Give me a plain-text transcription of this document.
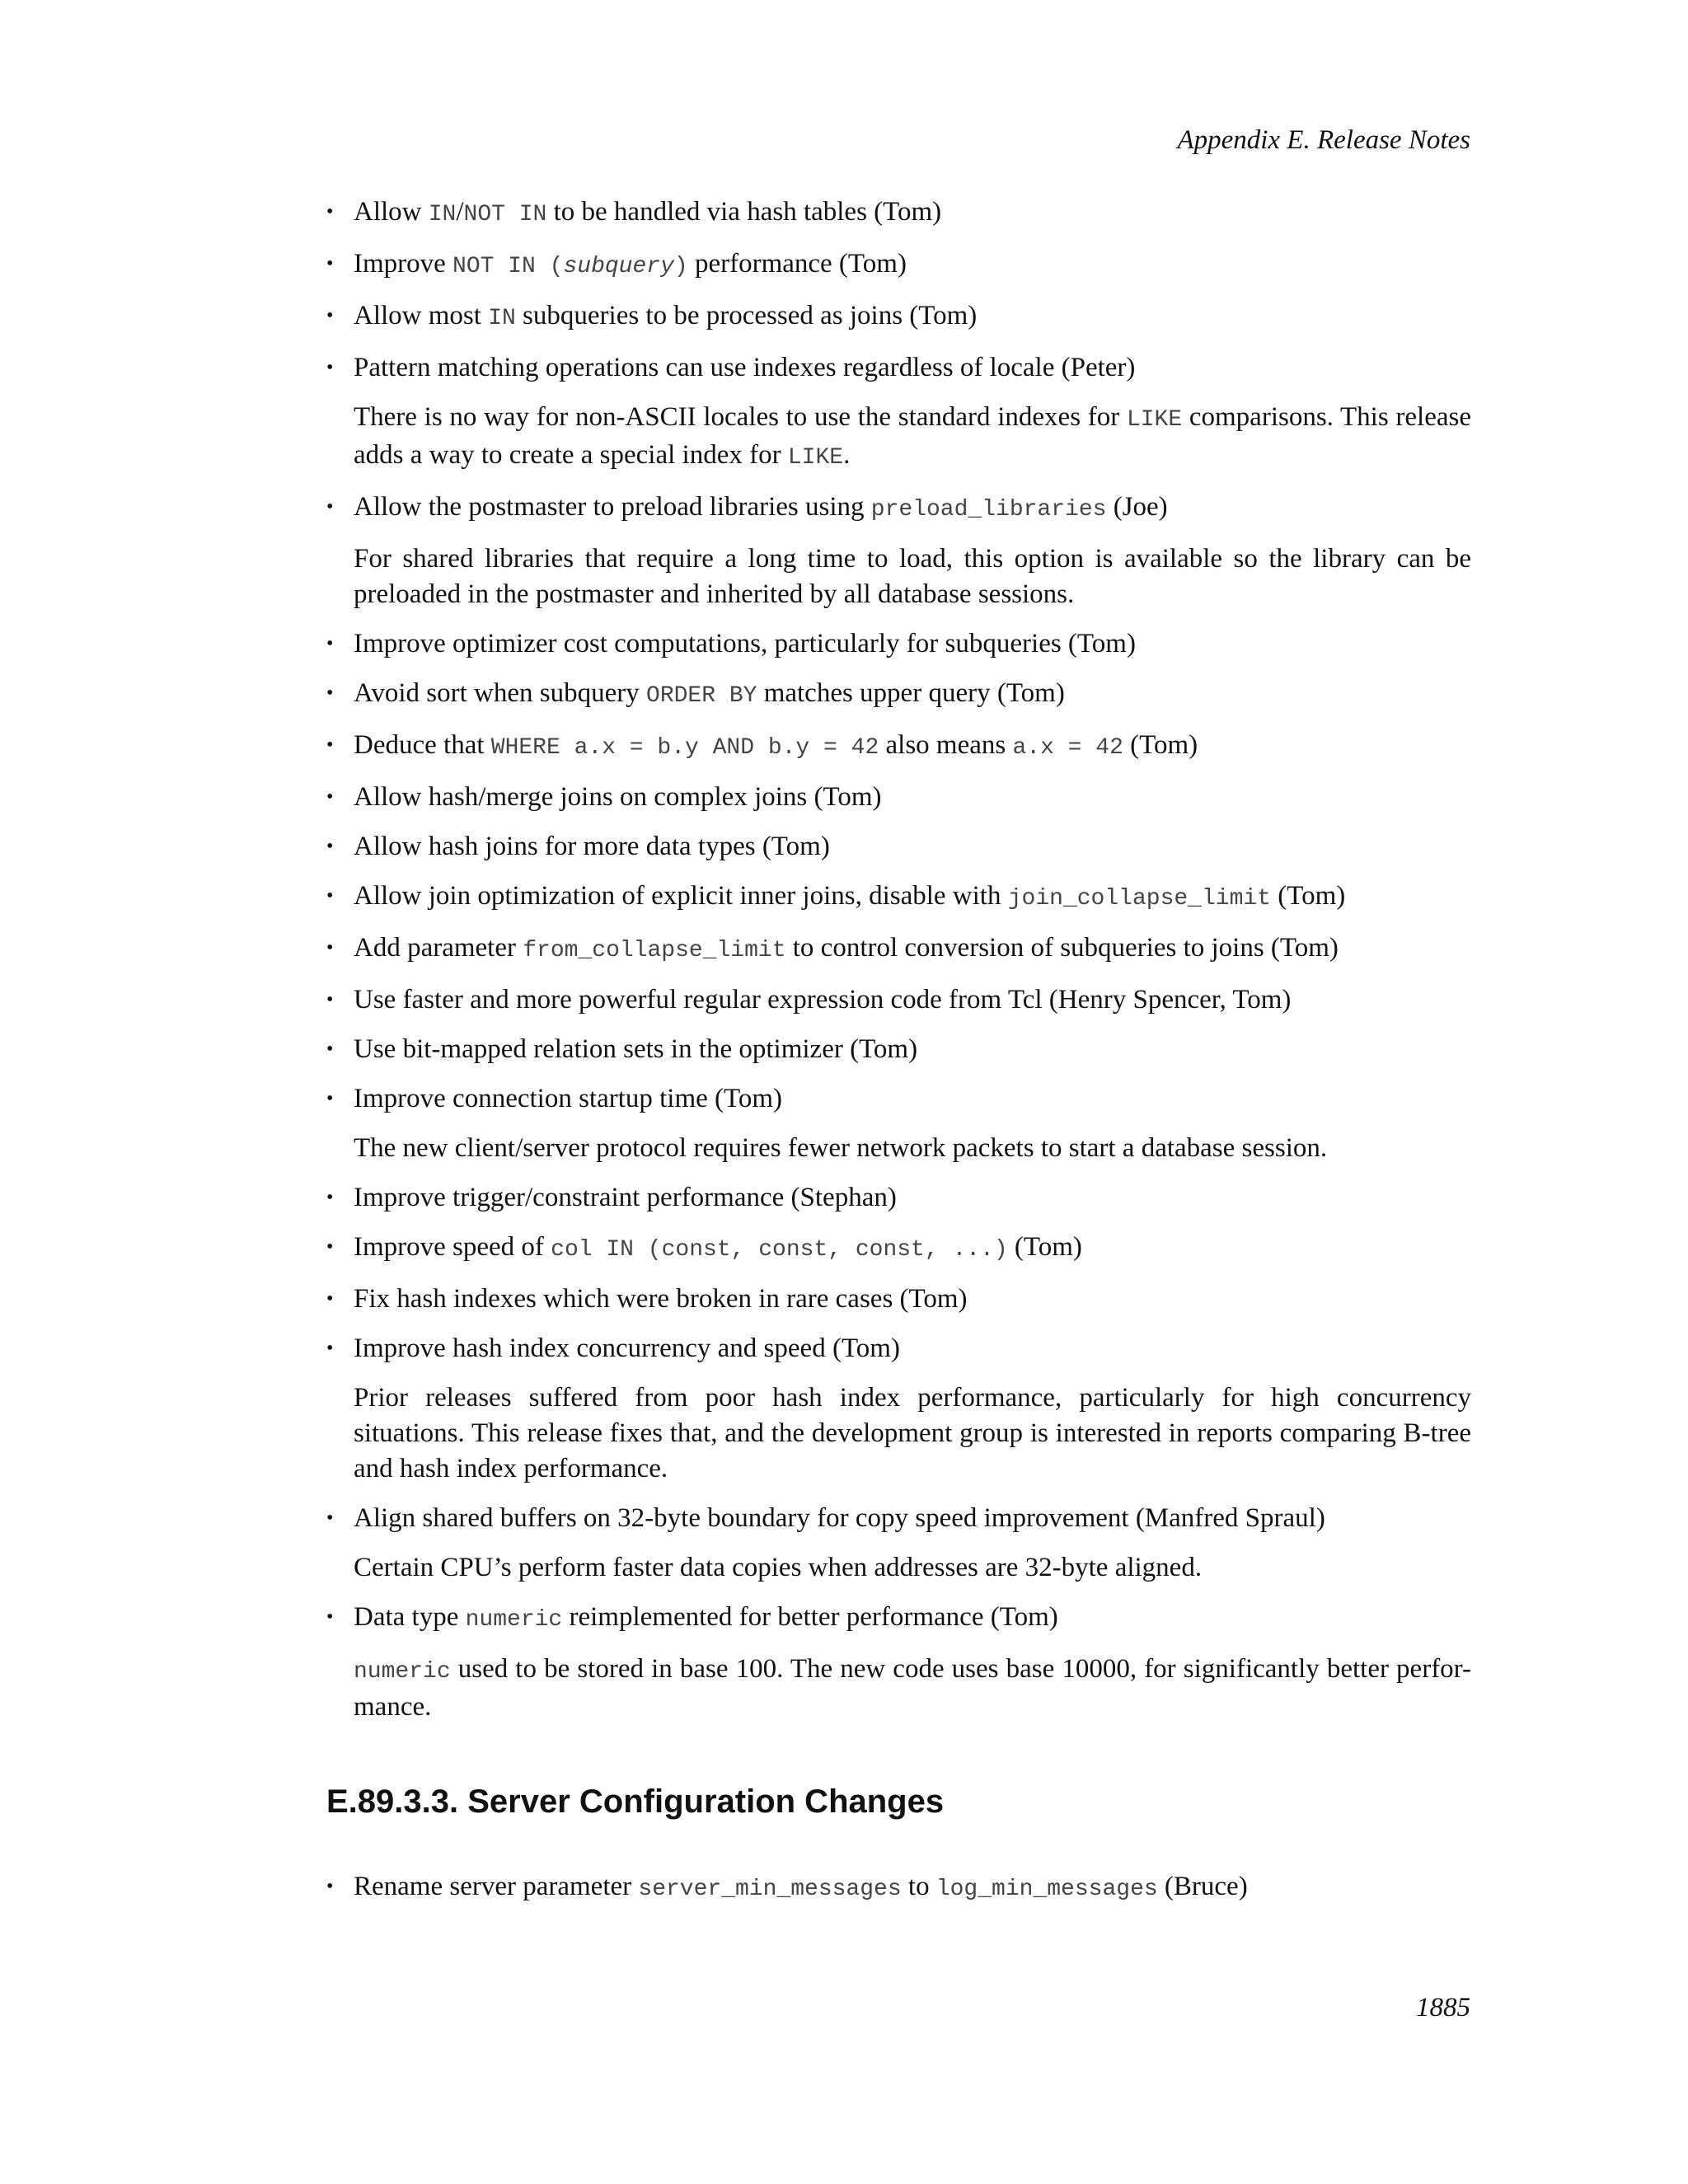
Appendix E. Release Notes
• Allow IN/NOT IN to be handled via hash tables (Tom)
• Improve NOT IN (subquery) performance (Tom)
• Allow most IN subqueries to be processed as joins (Tom)
• Pattern matching operations can use indexes regardless of locale (Peter)
There is no way for non-ASCII locales to use the standard indexes for LIKE comparisons. This release adds a way to create a special index for LIKE.
• Allow the postmaster to preload libraries using preload_libraries (Joe)
For shared libraries that require a long time to load, this option is available so the library can be preloaded in the postmaster and inherited by all database sessions.
• Improve optimizer cost computations, particularly for subqueries (Tom)
• Avoid sort when subquery ORDER BY matches upper query (Tom)
• Deduce that WHERE a.x = b.y AND b.y = 42 also means a.x = 42 (Tom)
• Allow hash/merge joins on complex joins (Tom)
• Allow hash joins for more data types (Tom)
• Allow join optimization of explicit inner joins, disable with join_collapse_limit (Tom)
• Add parameter from_collapse_limit to control conversion of subqueries to joins (Tom)
• Use faster and more powerful regular expression code from Tcl (Henry Spencer, Tom)
• Use bit-mapped relation sets in the optimizer (Tom)
• Improve connection startup time (Tom)
The new client/server protocol requires fewer network packets to start a database session.
• Improve trigger/constraint performance (Stephan)
• Improve speed of col IN (const, const, const, ...) (Tom)
• Fix hash indexes which were broken in rare cases (Tom)
• Improve hash index concurrency and speed (Tom)
Prior releases suffered from poor hash index performance, particularly for high concurrency situations. This release fixes that, and the development group is interested in reports comparing B-tree and hash index performance.
• Align shared buffers on 32-byte boundary for copy speed improvement (Manfred Spraul)
Certain CPU’s perform faster data copies when addresses are 32-byte aligned.
• Data type numeric reimplemented for better performance (Tom)
numeric used to be stored in base 100. The new code uses base 10000, for significantly better perfor-mance.
E.89.3.3. Server Configuration Changes
• Rename server parameter server_min_messages to log_min_messages (Bruce)
1885
